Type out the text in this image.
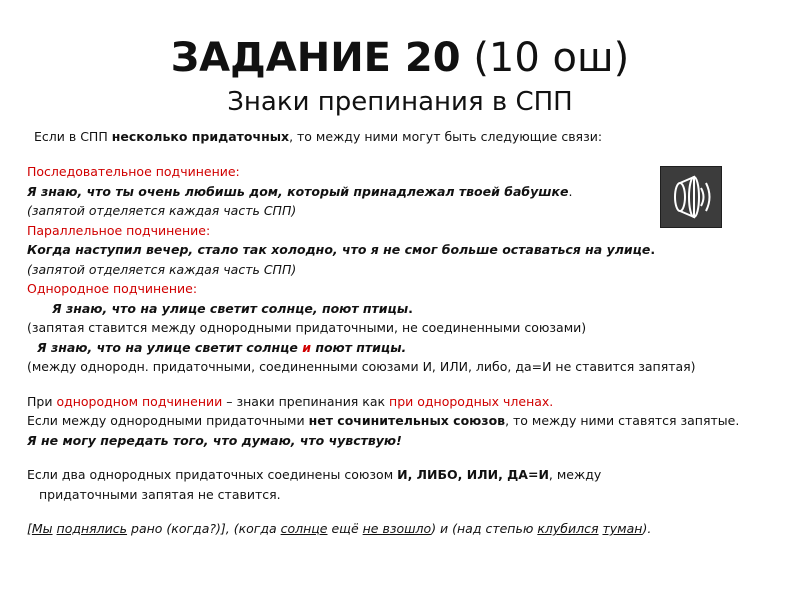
ЗАДАНИЕ 20 (10 ош)
Знаки препинания в СПП
Если в СПП несколько придаточных, то между ними могут быть следующие связи:
Последовательное подчинение:
Я знаю, что ты очень любишь дом, который принадлежал твоей бабушке.
(запятой отделяется каждая часть СПП)
Параллельное подчинение:
Когда наступил вечер, стало так холодно, что я не смог больше оставаться на улице.
(запятой отделяется каждая часть СПП)
Однородное подчинение:
Я знаю, что на улице светит солнце, поют птицы.
(запятая ставится между однородными придаточными, не соединенными союзами)
Я знаю, что на улице светит солнце и поют птицы.
(между однородн. придаточными, соединенными союзами И, ИЛИ, либо, да=И не ставится запятая)
При однородном подчинении – знаки препинания как при однородных членах.
Если между однородными придаточными нет сочинительных союзов, то между ними ставятся запятые.
Я не могу передать того, что думаю, что чувствую!
Если два однородных придаточных соединены союзом И, ЛИБО, ИЛИ, ДА=И, между придаточными запятая не ставится.
[Мы поднялись рано (когда?)], (когда солнце ещё не взошло) и (над степью клубился туман).
